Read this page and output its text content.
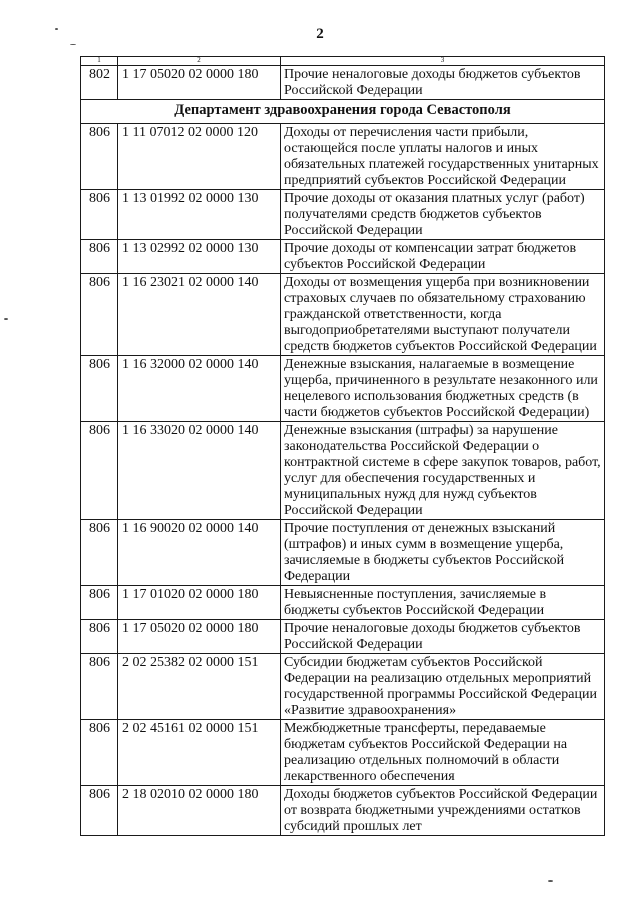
2
1	2	3
802	1 17 05020 02 0000 180	Прочие неналоговые доходы бюджетов субъектов Российской Федерации
Департамент здравоохранения города Севастополя		
806	1 11 07012 02 0000 120	Доходы от перечисления части прибыли, остающейся после уплаты налогов и иных обязательных платежей государственных унитарных предприятий субъектов Российской Федерации
806	1 13 01992 02 0000 130	Прочие доходы от оказания платных услуг (работ) получателями средств бюджетов субъектов Российской Федерации
806	1 13 02992 02 0000 130	Прочие доходы от компенсации затрат бюджетов субъектов Российской Федерации
806	1 16 23021 02 0000 140	Доходы от возмещения ущерба при возникновении страховых случаев по обязательному страхованию гражданской ответственности, когда выгодоприобретателями выступают получатели средств бюджетов субъектов Российской Федерации
806	1 16 32000 02 0000 140	Денежные взыскания, налагаемые в возмещение ущерба, причиненного в результате незаконного или нецелевого использования бюджетных средств (в части бюджетов субъектов Российской Федерации)
806	1 16 33020 02 0000 140	Денежные взыскания (штрафы) за нарушение законодательства Российской Федерации о контрактной системе в сфере закупок товаров, работ, услуг для обеспечения государственных и муниципальных нужд для нужд субъектов Российской Федерации
806	1 16 90020 02 0000 140	Прочие поступления от денежных взысканий (штрафов) и иных сумм в возмещение ущерба, зачисляемые в бюджеты субъектов Российской Федерации
806	1 17 01020 02 0000 180	Невыясненные поступления, зачисляемые в бюджеты субъектов Российской Федерации
806	1 17 05020 02 0000 180	Прочие неналоговые доходы бюджетов субъектов Российской Федерации
806	2 02 25382 02 0000 151	Субсидии бюджетам субъектов Российской Федерации на реализацию отдельных мероприятий государственной программы Российской Федерации «Развитие здравоохранения»
806	2 02 45161 02 0000 151	Межбюджетные трансферты, передаваемые бюджетам субъектов Российской Федерации на реализацию отдельных полномочий в области лекарственного обеспечения
806	2 18 02010 02 0000 180	Доходы бюджетов субъектов Российской Федерации от возврата бюджетными учреждениями остатков субсидий прошлых лет
